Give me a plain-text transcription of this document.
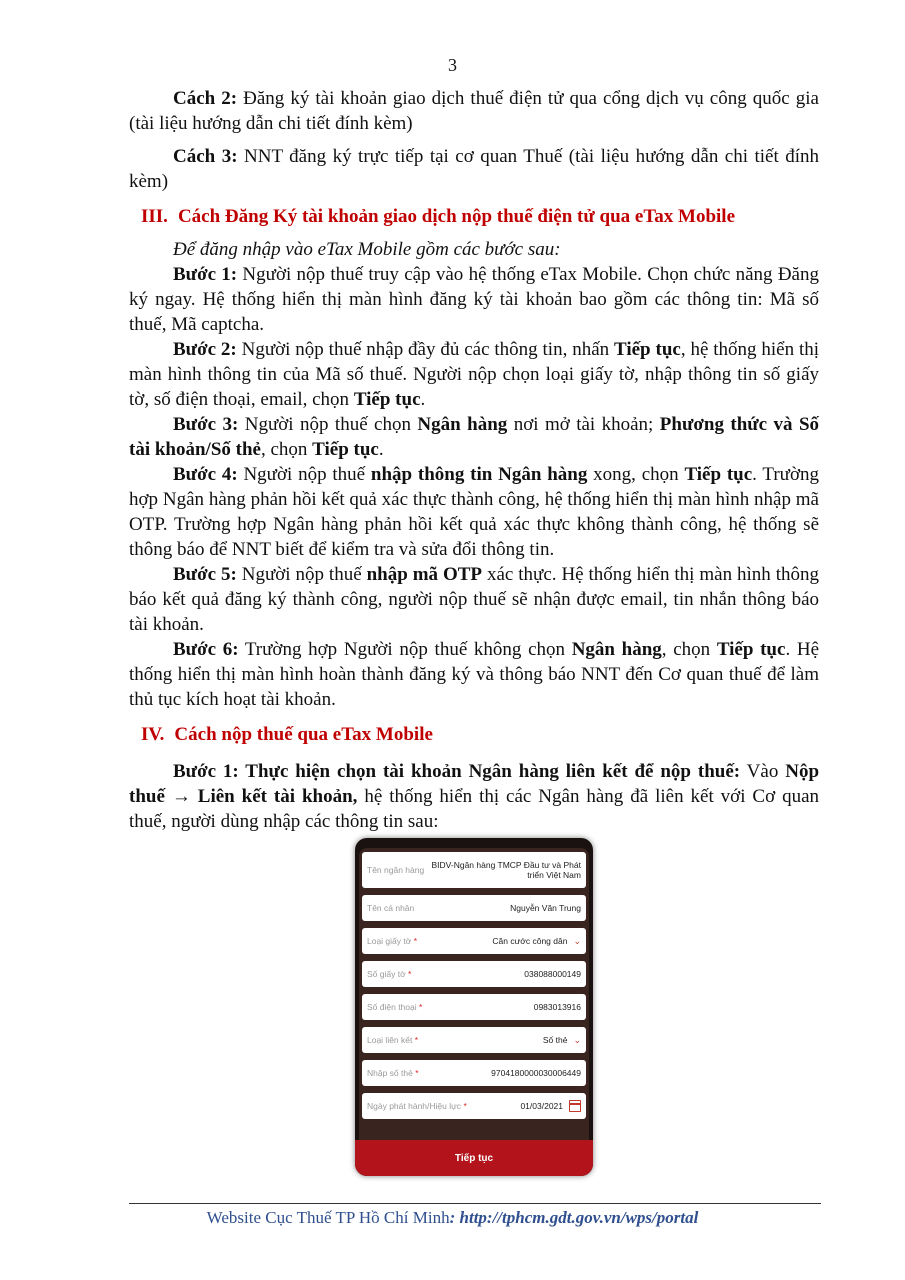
3

Cách 2: Đăng ký tài khoản giao dịch thuế điện tử qua cổng dịch vụ công quốc gia (tài liệu hướng dẫn chi tiết đính kèm)

Cách 3: NNT đăng ký trực tiếp tại cơ quan Thuế (tài liệu hướng dẫn chi tiết đính kèm)

III. Cách Đăng Ký tài khoản giao dịch nộp thuế điện tử qua eTax Mobile

Để đăng nhập vào eTax Mobile gồm các bước sau:

Bước 1: Người nộp thuế truy cập vào hệ thống eTax Mobile. Chọn chức năng Đăng ký ngay. Hệ thống hiển thị màn hình đăng ký tài khoản bao gồm các thông tin: Mã số thuế, Mã captcha.

Bước 2: Người nộp thuế nhập đầy đủ các thông tin, nhấn Tiếp tục, hệ thống hiển thị màn hình thông tin của Mã số thuế. Người nộp chọn loại giấy tờ, nhập thông tin số giấy tờ, số điện thoại, email, chọn Tiếp tục.

Bước 3: Người nộp thuế chọn Ngân hàng nơi mở tài khoản; Phương thức và Số tài khoản/Số thẻ, chọn Tiếp tục.

Bước 4: Người nộp thuế nhập thông tin Ngân hàng xong, chọn Tiếp tục. Trường hợp Ngân hàng phản hồi kết quả xác thực thành công, hệ thống hiển thị màn hình nhập mã OTP. Trường hợp Ngân hàng phản hồi kết quả xác thực không thành công, hệ thống sẽ thông báo để NNT biết để kiểm tra và sửa đổi thông tin.

Bước 5: Người nộp thuế nhập mã OTP xác thực. Hệ thống hiển thị màn hình thông báo kết quả đăng ký thành công, người nộp thuế sẽ nhận được email, tin nhắn thông báo tài khoản.

Bước 6: Trường hợp Người nộp thuế không chọn Ngân hàng, chọn Tiếp tục. Hệ thống hiển thị màn hình hoàn thành đăng ký và thông báo NNT đến Cơ quan thuế để làm thủ tục kích hoạt tài khoản.

IV. Cách nộp thuế qua eTax Mobile

Bước 1: Thực hiện chọn tài khoản Ngân hàng liên kết để nộp thuế: Vào Nộp thuế → Liên kết tài khoản, hệ thống hiển thị các Ngân hàng đã liên kết với Cơ quan thuế, người dùng nhập các thông tin sau:

Tên ngân hàng BIDV-Ngân hàng TMCP Đầu tư và Phát triển Việt Nam
Tên cá nhân	Nguyễn Văn Trung
Loại giấy tờ *	Căn cước công dân ⌄
Số giấy tờ *	038088000149
Số điện thoại *	0983013916
Loại liên kết *	Số thẻ ⌄
Nhập số thẻ *	9704180000030006449
Ngày phát hành/Hiệu lực *	01/03/2021
Tiếp tục
Website Cục Thuế TP Hồ Chí Minh: http://tphcm.gdt.gov.vn/wps/portal
